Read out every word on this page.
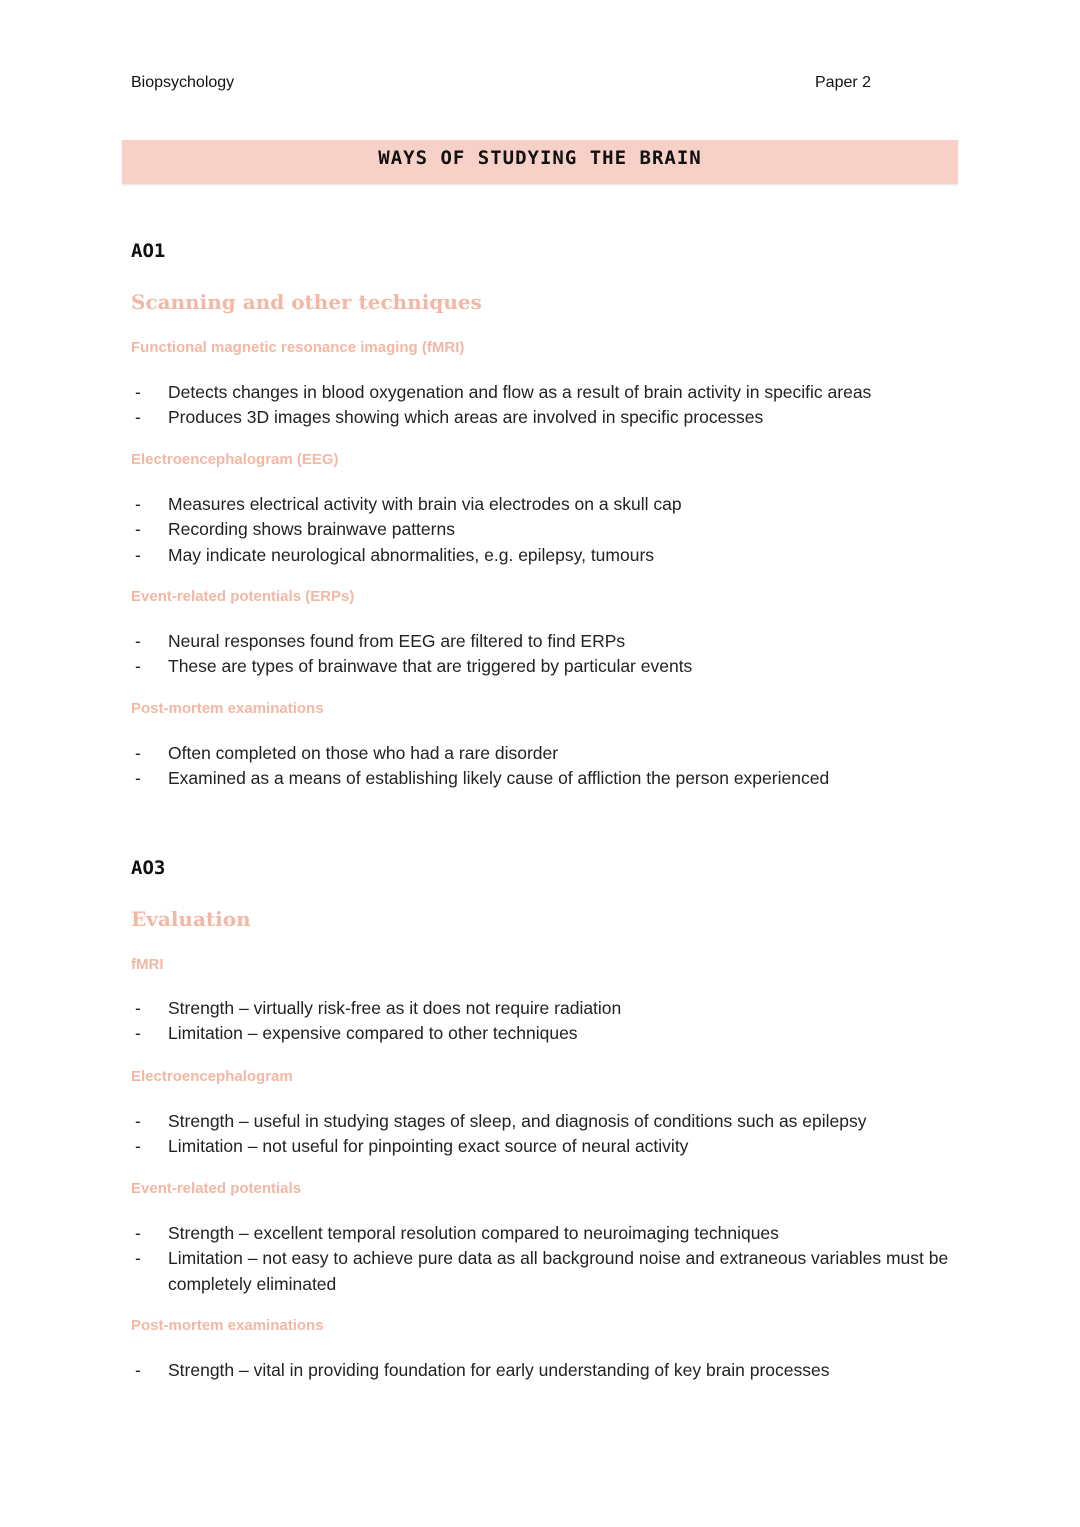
Biopsychology	Paper 2
WAYS OF STUDYING THE BRAIN
AO1
Scanning and other techniques
Functional magnetic resonance imaging (fMRI)
- Detects changes in blood oxygenation and flow as a result of brain activity in specific areas
- Produces 3D images showing which areas are involved in specific processes
Electroencephalogram (EEG)
- Measures electrical activity with brain via electrodes on a skull cap
- Recording shows brainwave patterns
- May indicate neurological abnormalities, e.g. epilepsy, tumours
Event-related potentials (ERPs)
- Neural responses found from EEG are filtered to find ERPs
- These are types of brainwave that are triggered by particular events
Post-mortem examinations
- Often completed on those who had a rare disorder
- Examined as a means of establishing likely cause of affliction the person experienced
AO3
Evaluation
fMRI
- Strength – virtually risk-free as it does not require radiation
- Limitation – expensive compared to other techniques
Electroencephalogram
- Strength – useful in studying stages of sleep, and diagnosis of conditions such as epilepsy
- Limitation – not useful for pinpointing exact source of neural activity
Event-related potentials
- Strength – excellent temporal resolution compared to neuroimaging techniques
- Limitation – not easy to achieve pure data as all background noise and extraneous variables must be completely eliminated
Post-mortem examinations
- Strength – vital in providing foundation for early understanding of key brain processes
